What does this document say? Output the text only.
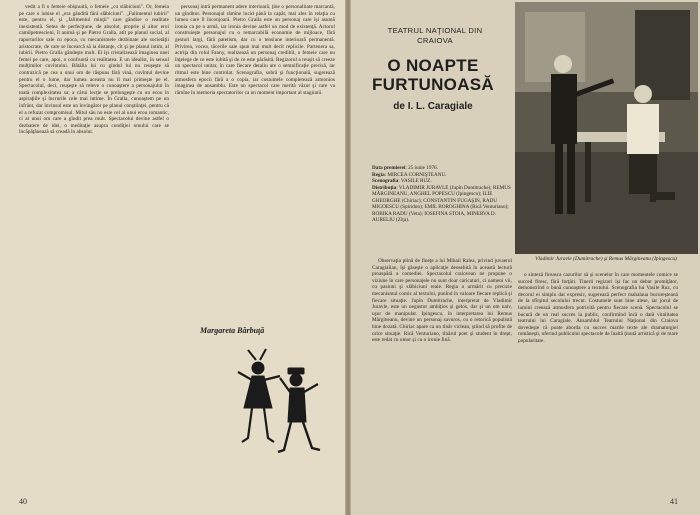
vedit a fi o femeie obişnuită, o femeie „cu slăbiciuni". Or, femeia pe care o iubise el „era gândită fără slăbiciuni". „Falimentul iubirii" este, pentru el, şi „falimentul minţii" care gândise o realitate inexistentă. Setea de perfecţiune, de absolut, proprie şi altor eroi camilpetrescieni, îl animă şi pe Pietro Gralla, atît pe planul social, al raporturilor sale cu epoca, cu mecanismele dezbinate ale societăţii aristocrate, de care se încearcă să ia distanţe, cît şi pe planul intim, al iubirii. Pietro Gralla gândeşte mult. El îşi cristalizează imaginea unei femei pe care, apoi, o confruntă cu realitatea. E un idealist, în sensul mulţimilor cuvîntului. Bătălia lui cu gîndul lui nu reuşeşte să contrazică pe cea a unui om de răspuns fără vină, cuvîntul devine pentru el o lume, dar lumea aceasta nu îl mai primeşte pe el. Spectacolul, deci, reuşeşte să releve o cunoaştere a personajului în toată complexitatea sa; a cărui lecţie se prelungeşte cu un ecou în aspiraţiile şi lucrurile cele mai intime. În Gralla, cunoaştem pe un înfrânt, dar învinsul este un învingător pe planul conştiinţei, pentru că el a refuzat compromisul. Mitul său nu este cel al unui erou romantic, ci al unui om care a gîndit prea mult. Spectacolul devine astfel o dezbatere de idei, o meditaţie asupra condiţiei omului care se încăpăţânează să creadă în absolut.

personaj intră permanent adere interioară, ţine o personalitate marcantă, un gînditor. Personajul rămîne lucid până la capăt, mai ales în relaţia cu lumea care îl înconjoară. Pietro Gralla este un personaj care îşi asumă ironia ca pe o armă, iar ironia devine astfel un mod de existenţă. Actorul construieşte personajul cu o remarcabilă economie de mijloace, fără gesturi largi, fără patetism, dar cu o tensiune interioară permanentă. Privirea, vocea, tăcerile sale spun mai mult decît replicile. Partenera sa, actriţa din rolul Fanny, realizează un personaj credibil, o femeie care nu înţelege de ce este iubită şi de ce este părăsită. Regizorul a reuşit să creeze un spectacol unitar, în care fiecare detaliu are o semnificaţie precisă, iar ritmul este bine controlat. Scenografia, sobră şi funcţională, sugerează atmosfera epocii fără a o copia, iar costumele completează armonios imaginea de ansamblu. Este un spectacol care merită văzut şi care va rămîne în memoria spectatorilor ca un moment important al stagiunii.

Margareta Bărbuţă
40
TEATRUL NAŢIONAL DIN CRAIOVA
O NOAPTE FURTUNOASĂ
de I. L. Caragiale
Data premierei: 25 iunie 1976.
Regia: MIRCEA CORNIŞTEANU.
Scenografia: VASILE RUZ.
Distribuţia: VLADIMIR JURAVLE (Jupîn Dumitrache); REMUS MĂRGINEANU, ANGHEL POPESCU (Ipingescu); ILIE GHEORGHE (Chiriac); CONSTANTIN FUGAŞIN, RADU MIGOESCU (Spiridon); EMIL BOROGHINA (Rică Venturiano); ROBIKA RADU (Veta); IOSEFINA STOIA, MINERVA D. AURELIU (Ziţa).
Vladimir Juravle (Dumitrache) şi Remus Mărgineanu (Ipingescu)

Observaţia plină de fineţe a lui Mihail Ralea, privind juvaerul Caragialian, îşi găseşte o aplicaţie deosebită în această lectură proaspătă a comediei. Spectacolul craiovean ne propune o viziune în care personajele nu sunt doar caricaturi, ci oameni vii, cu pasiuni şi slăbiciuni reale. Regia a urmărit cu precizie mecanismul comic al textului, punînd în valoare fiecare replică şi fiecare situaţie. Jupîn Dumitrache, interpretat de Vladimir Juravle, este un negustor ambiţios şi gelos, dar şi un om naiv, uşor de manipulat. Ipingescu, în interpretarea lui Remus Mărgineanu, devine un personaj savuros, cu o retorică populistă bine dozată. Chiriac apare ca un tînăr viclean, ştiind să profite de orice situaţie. Rică Venturiano, tînărul poet şi student în drept, este redat cu umor şi cu o ironie fină.

o sinteză fireasca cazurilor să şi scenelor în care momentele comice se succed firesc, fără forţări. Tinerii regizori îşi fac un debut promiţător, demonstrînd o bună cunoaştere a textului. Scenografia lui Vasile Ruz, cu decorul ei simplu dar expresiv, sugerează perfect mahalaua bucureşteană de la sfîrşitul secolului trecut. Costumele sunt bine alese, iar jocul de lumini creează atmosfera potrivită pentru fiecare scenă. Spectacolul se bucură de un real succes la public, confirmînd încă o dată vitalitatea teatrului lui Caragiale. Ansamblul Teatrului Naţional din Craiova dovedeşte că poate aborda cu succes marile texte ale dramaturgiei româneşti, oferind publicului spectacole de înaltă ţinută artistică şi de mare popularitate.

41
